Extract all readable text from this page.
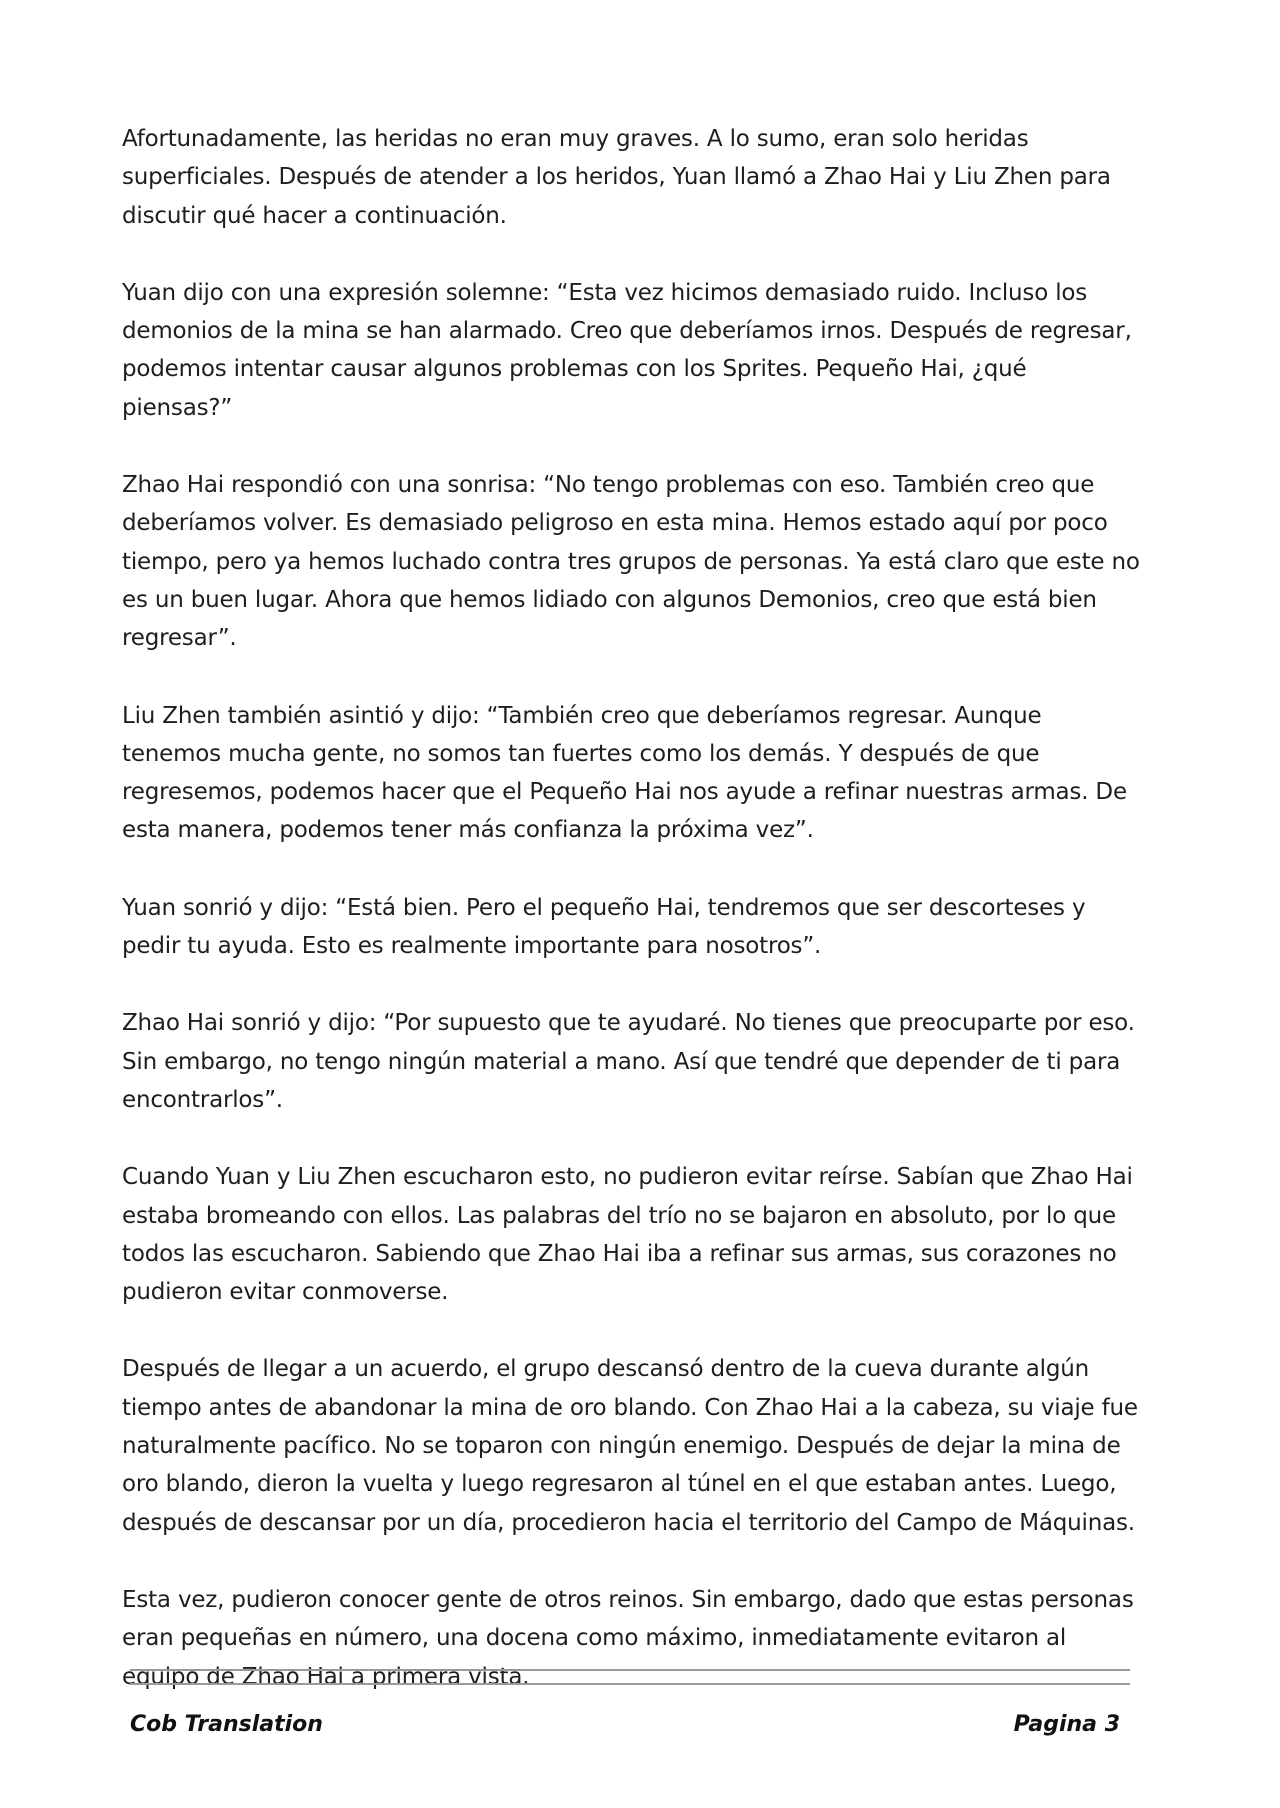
Afortunadamente, las heridas no eran muy graves. A lo sumo, eran solo heridas superficiales. Después de atender a los heridos, Yuan llamó a Zhao Hai y Liu Zhen para discutir qué hacer a continuación.

Yuan dijo con una expresión solemne: “Esta vez hicimos demasiado ruido. Incluso los demonios de la mina se han alarmado. Creo que deberíamos irnos. Después de regresar, podemos intentar causar algunos problemas con los Sprites. Pequeño Hai, ¿qué piensas?”

Zhao Hai respondió con una sonrisa: “No tengo problemas con eso. También creo que deberíamos volver. Es demasiado peligroso en esta mina. Hemos estado aquí por poco tiempo, pero ya hemos luchado contra tres grupos de personas. Ya está claro que este no es un buen lugar. Ahora que hemos lidiado con algunos Demonios, creo que está bien regresar”.

Liu Zhen también asintió y dijo: “También creo que deberíamos regresar. Aunque tenemos mucha gente, no somos tan fuertes como los demás. Y después de que regresemos, podemos hacer que el Pequeño Hai nos ayude a refinar nuestras armas. De esta manera, podemos tener más confianza la próxima vez”.

Yuan sonrió y dijo: “Está bien. Pero el pequeño Hai, tendremos que ser descorteses y pedir tu ayuda. Esto es realmente importante para nosotros”.

Zhao Hai sonrió y dijo: “Por supuesto que te ayudaré. No tienes que preocuparte por eso. Sin embargo, no tengo ningún material a mano. Así que tendré que depender de ti para encontrarlos”.

Cuando Yuan y Liu Zhen escucharon esto, no pudieron evitar reírse. Sabían que Zhao Hai estaba bromeando con ellos. Las palabras del trío no se bajaron en absoluto, por lo que todos las escucharon. Sabiendo que Zhao Hai iba a refinar sus armas, sus corazones no pudieron evitar conmoverse.

Después de llegar a un acuerdo, el grupo descansó dentro de la cueva durante algún tiempo antes de abandonar la mina de oro blando. Con Zhao Hai a la cabeza, su viaje fue naturalmente pacífico. No se toparon con ningún enemigo. Después de dejar la mina de oro blando, dieron la vuelta y luego regresaron al túnel en el que estaban antes. Luego, después de descansar por un día, procedieron hacia el territorio del Campo de Máquinas.

Esta vez, pudieron conocer gente de otros reinos. Sin embargo, dado que estas personas eran pequeñas en número, una docena como máximo, inmediatamente evitaron al equipo de Zhao Hai a primera vista.

Cob Translation	Pagina 3
